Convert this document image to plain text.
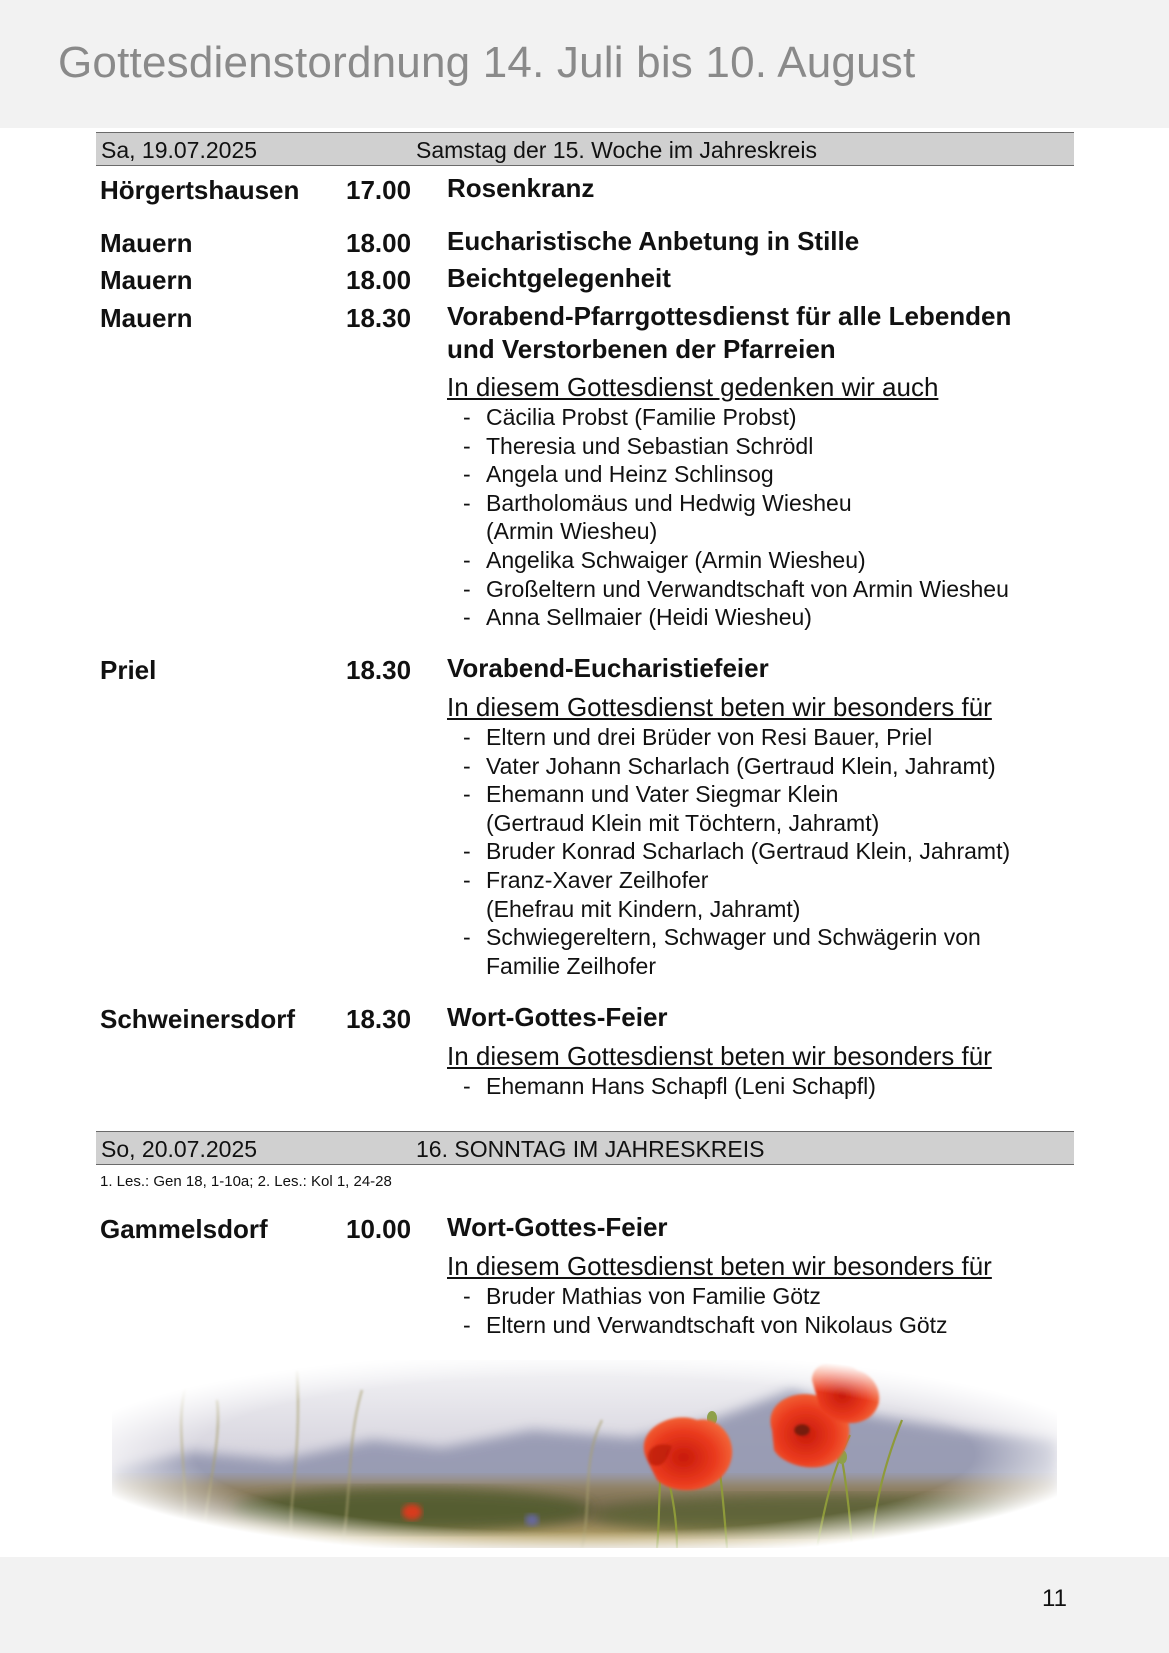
Gottesdienstordnung 14. Juli bis 10. August
Sa, 19.07.2025	Samstag der 15. Woche im Jahreskreis
Hörgertshausen 17.00 Rosenkranz
Mauern	18.00 Eucharistische Anbetung in Stille
Mauern	18.00 Beichtgelegenheit
Mauern	18.30 Vorabend-Pfarrgottesdienst für alle Lebenden
und Verstorbenen der Pfarreien
In diesem Gottesdienst gedenken wir auch
- Cäcilia Probst (Familie Probst)
- Theresia und Sebastian Schrödl
- Angela und Heinz Schlinsog
- Bartholomäus und Hedwig Wiesheu
(Armin Wiesheu)
- Angelika Schwaiger (Armin Wiesheu)
- Großeltern und Verwandtschaft von Armin Wiesheu
- Anna Sellmaier (Heidi Wiesheu)
Priel	18.30 Vorabend-Eucharistiefeier
In diesem Gottesdienst beten wir besonders für
- Eltern und drei Brüder von Resi Bauer, Priel
- Vater Johann Scharlach (Gertraud Klein, Jahramt)
- Ehemann und Vater Siegmar Klein
(Gertraud Klein mit Töchtern, Jahramt)
- Bruder Konrad Scharlach (Gertraud Klein, Jahramt)
- Franz-Xaver Zeilhofer
(Ehefrau mit Kindern, Jahramt)
- Schwiegereltern, Schwager und Schwägerin von
Familie Zeilhofer
Schweinersdorf 18.30 Wort-Gottes-Feier
In diesem Gottesdienst beten wir besonders für
- Ehemann Hans Schapfl (Leni Schapfl)
So, 20.07.2025	16. SONNTAG IM JAHRESKREIS
1. Les.: Gen 18, 1-10a; 2. Les.: Kol 1, 24-28
Gammelsdorf	10.00 Wort-Gottes-Feier
In diesem Gottesdienst beten wir besonders für
- Bruder Mathias von Familie Götz
- Eltern und Verwandtschaft von Nikolaus Götz
11
